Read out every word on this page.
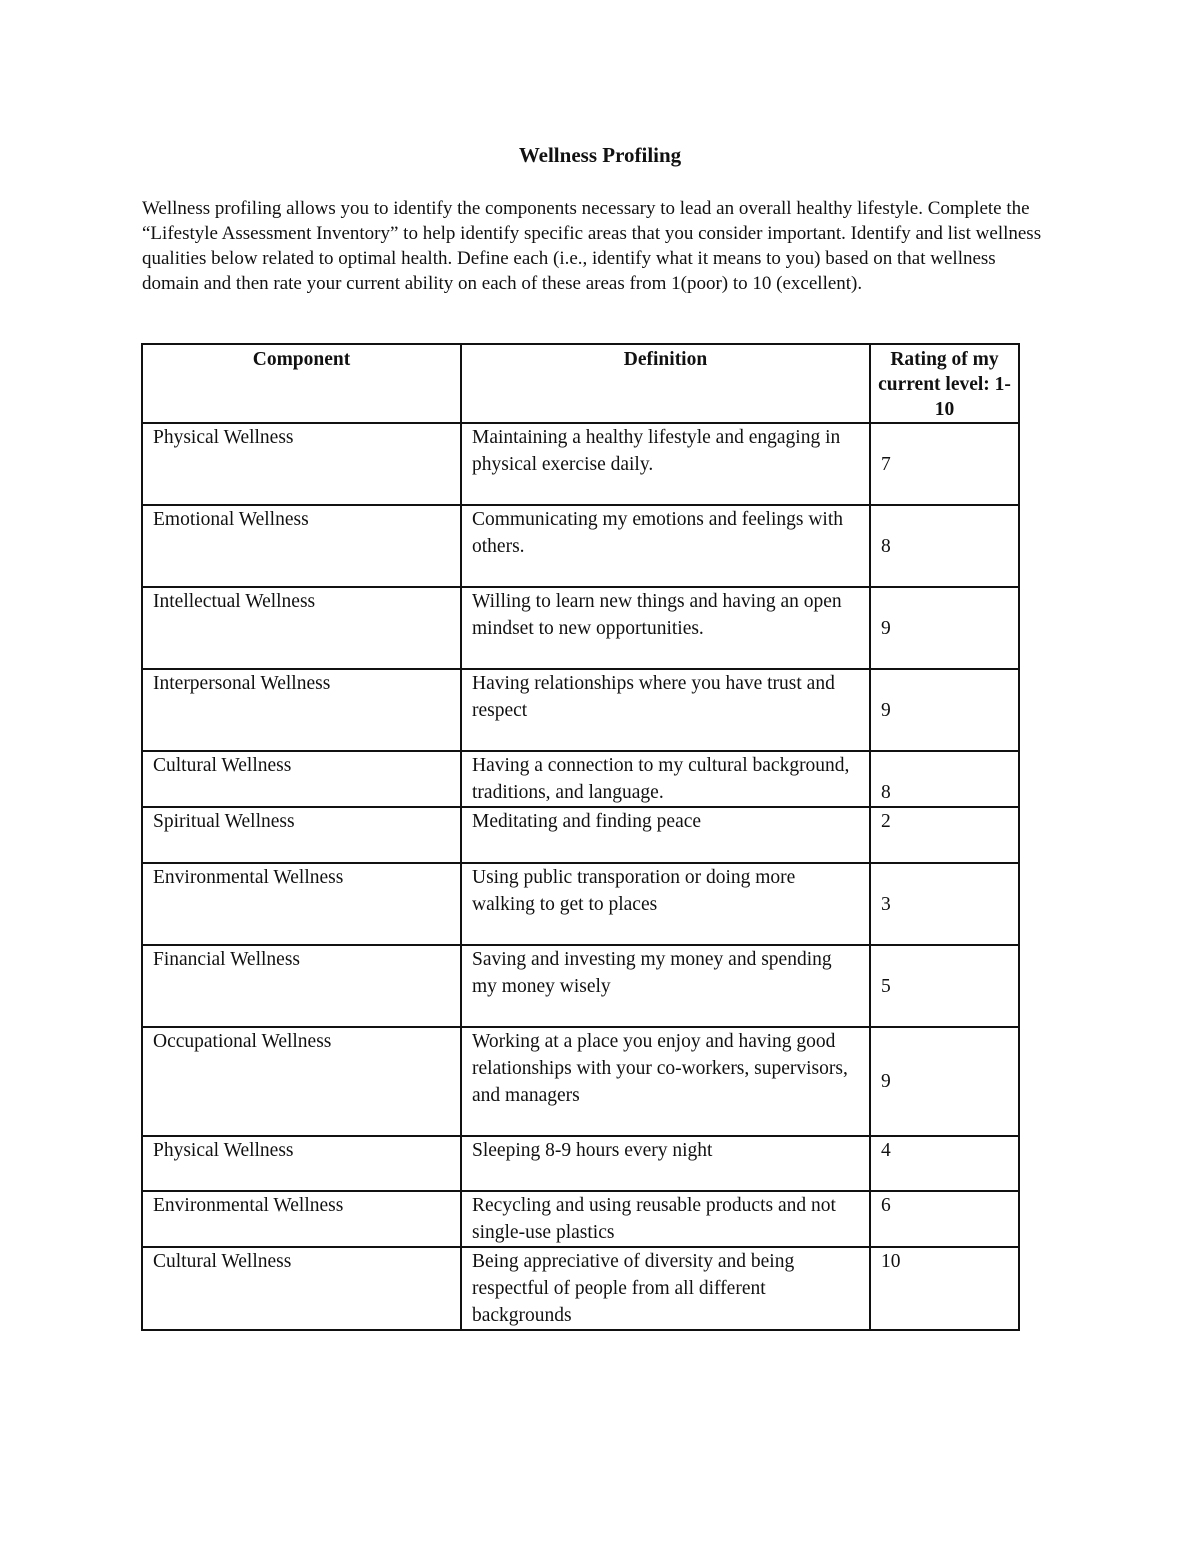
Wellness Profiling

Wellness profiling allows you to identify the components necessary to lead an overall healthy lifestyle. Complete the “Lifestyle Assessment Inventory” to help identify specific areas that you consider important. Identify and list wellness qualities below related to optimal health. Define each (i.e., identify what it means to you) based on that wellness domain and then rate your current ability on each of these areas from 1(poor) to 10 (excellent).

Component	Definition	Rating of my current level: 1-10
Physical Wellness	Maintaining a healthy lifestyle and engaging in physical exercise daily.	7
Emotional Wellness	Communicating my emotions and feelings with others.	8
Intellectual Wellness	Willing to learn new things and having an open mindset to new opportunities.	9
Interpersonal Wellness	Having relationships where you have trust and respect	9
Cultural Wellness	Having a connection to my cultural background, traditions, and language.	8
Spiritual Wellness	Meditating and finding peace	2
Environmental Wellness	Using public transporation or doing more walking to get to places	3
Financial Wellness	Saving and investing my money and spending my money wisely	5
Occupational Wellness	Working at a place you enjoy and having good relationships with your co-workers, supervisors, and managers	9
Physical Wellness	Sleeping 8-9 hours every night	4
Environmental Wellness	Recycling and using reusable products and not single-use plastics	6
Cultural Wellness	Being appreciative of diversity and being respectful of people from all different backgrounds	10
